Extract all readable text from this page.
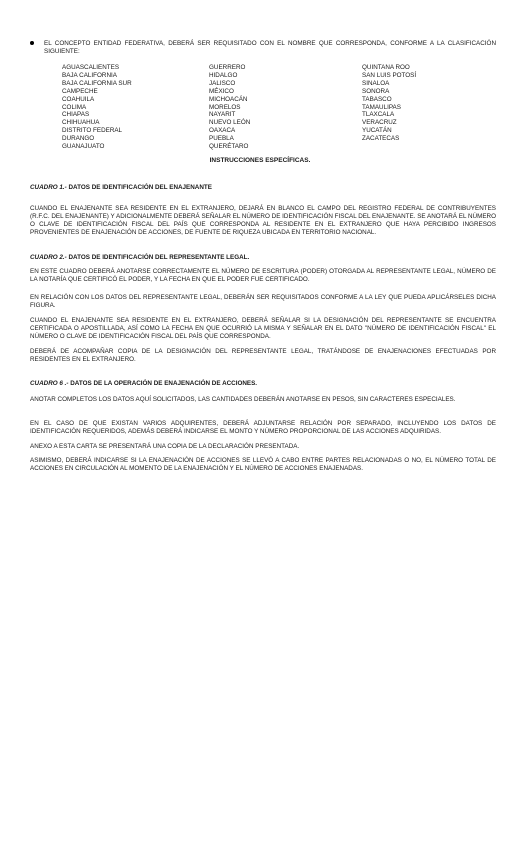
EL CONCEPTO ENTIDAD FEDERATIVA, DEBERÁ SER REQUISITADO CON EL NOMBRE QUE CORRESPONDA, CONFORME A LA CLASIFICACIÓN SIGUIENTE:
AGUASCALIENTES
BAJA CALIFORNIA
BAJA CALIFORNIA SUR
CAMPECHE
COAHUILA
COLIMA
CHIAPAS
CHIHUAHUA
DISTRITO FEDERAL
DURANGO
GUANAJUATO
GUERRERO
HIDALGO
JALISCO
MÉXICO
MICHOACÁN
MORELOS
NAYARIT
NUEVO LEÓN
OAXACA
PUEBLA
QUERÉTARO
QUINTANA ROO
SAN LUIS POTOSÍ
SINALOA
SONORA
TABASCO
TAMAULIPAS
TLAXCALA
VERACRUZ
YUCATÁN
ZACATECAS
INSTRUCCIONES ESPECÍFICAS.
CUADRO 1.- DATOS DE IDENTIFICACIÓN DEL ENAJENANTE
CUANDO EL ENAJENANTE SEA RESIDENTE EN EL EXTRANJERO, DEJARÁ EN BLANCO EL CAMPO DEL REGISTRO FEDERAL DE CONTRIBUYENTES (R.F.C. DEL ENAJENANTE) Y ADICIONALMENTE DEBERÁ SEÑALAR EL NÚMERO DE IDENTIFICACIÓN FISCAL DEL ENAJENANTE. SE ANOTARÁ EL NÚMERO O CLAVE DE IDENTIFICACIÓN FISCAL DEL PAÍS QUE CORRESPONDA AL RESIDENTE EN EL EXTRANJERO QUE HAYA PERCIBIDO INGRESOS PROVENIENTES DE ENAJENACIÓN DE ACCIONES, DE FUENTE DE RIQUEZA UBICADA EN TERRITORIO NACIONAL.
CUADRO 2.- DATOS DE IDENTIFICACIÓN DEL REPRESENTANTE LEGAL.
EN ESTE CUADRO DEBERÁ ANOTARSE CORRECTAMENTE EL NÚMERO DE ESCRITURA (PODER) OTORGADA AL REPRESENTANTE LEGAL, NÚMERO DE LA NOTARÍA QUE CERTIFICÓ EL PODER, Y LA FECHA EN QUE EL PODER FUE CERTIFICADO.
EN RELACIÓN CON LOS DATOS DEL REPRESENTANTE LEGAL, DEBERÁN SER REQUISITADOS CONFORME A LA LEY QUE PUEDA APLICÁRSELES DICHA FIGURA.
CUANDO EL ENAJENANTE SEA RESIDENTE EN EL EXTRANJERO, DEBERÁ SEÑALAR SI LA DESIGNACIÓN DEL REPRESENTANTE SE ENCUENTRA CERTIFICADA O APOSTILLADA, ASÍ COMO LA FECHA EN QUE OCURRIÓ LA MISMA Y SEÑALAR EN EL DATO "NÚMERO DE IDENTIFICACIÓN FISCAL" EL NÚMERO O CLAVE DE IDENTIFICACIÓN FISCAL DEL PAÍS QUE CORRESPONDA.
DEBERÁ DE ACOMPAÑAR COPIA DE LA DESIGNACIÓN DEL REPRESENTANTE LEGAL, TRATÁNDOSE DE ENAJENACIONES EFECTUADAS POR RESIDENTES EN EL EXTRANJERO.
CUADRO 6 .- DATOS DE LA OPERACIÓN DE ENAJENACIÓN DE ACCIONES.
ANOTAR COMPLETOS LOS DATOS AQUÍ SOLICITADOS, LAS CANTIDADES DEBERÁN ANOTARSE EN PESOS, SIN CARACTERES ESPECIALES.
EN EL CASO DE QUE EXISTAN VARIOS ADQUIRENTES, DEBERÁ ADJUNTARSE RELACIÓN POR SEPARADO, INCLUYENDO LOS DATOS DE IDENTIFICACIÓN REQUERIDOS, ADEMÁS DEBERÁ INDICARSE EL MONTO Y NÚMERO PROPORCIONAL DE LAS ACCIONES ADQUIRIDAS.
ANEXO A ESTA CARTA SE PRESENTARÁ UNA COPIA DE LA DECLARACIÓN PRESENTADA.
ASIMISMO, DEBERÁ INDICARSE SI LA ENAJENACIÓN DE ACCIONES SE LLEVÓ A CABO ENTRE PARTES RELACIONADAS O NO, EL NÚMERO TOTAL DE ACCIONES EN CIRCULACIÓN AL MOMENTO DE LA ENAJENACIÓN Y EL NÚMERO DE ACCIONES ENAJENADAS.
